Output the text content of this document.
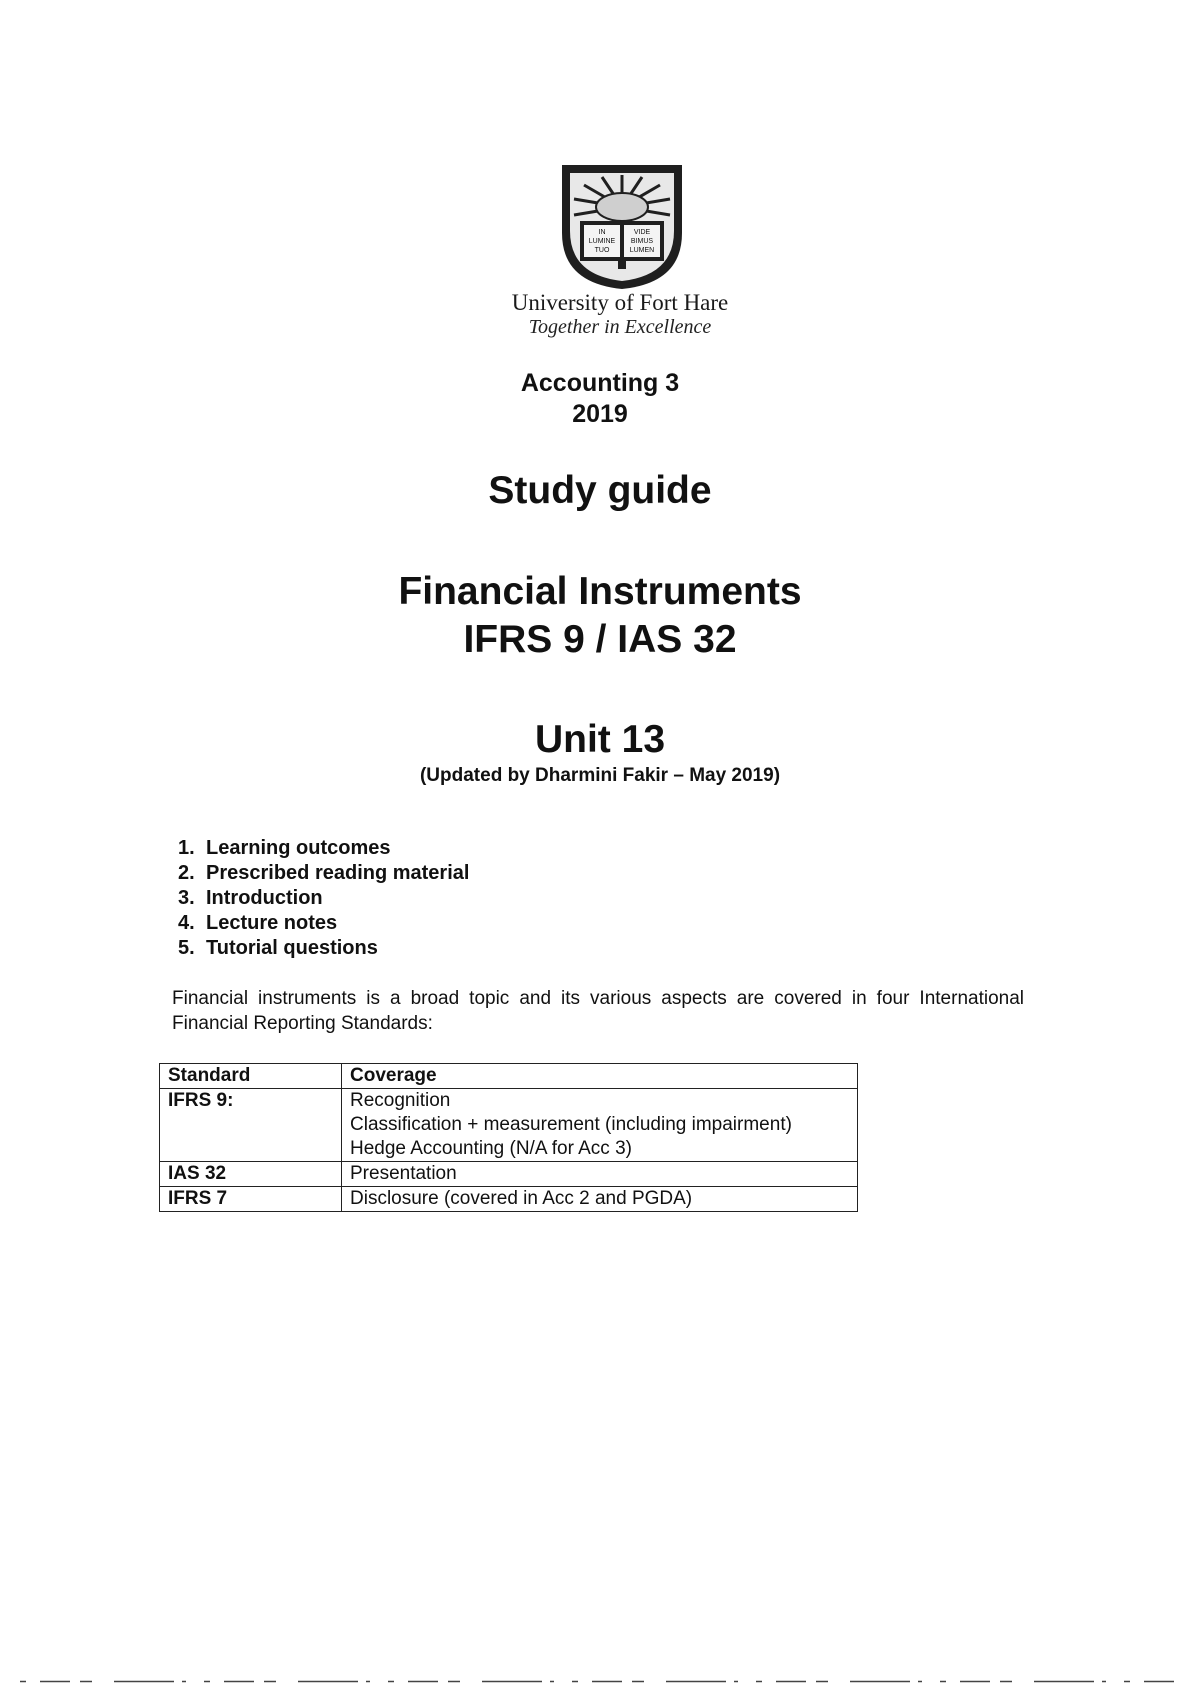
IN
LUMINE
TUO
VIDE
BIMUS
LUMEN
University of Fort Hare
Together in Excellence
Accounting 3
2019
Study guide
Financial Instruments
IFRS 9 / IAS 32
Unit 13
(Updated by Dharmini Fakir – May 2019)
1. Learning outcomes
2. Prescribed reading material
3. Introduction
4. Lecture notes
5. Tutorial questions
Financial instruments is a broad topic and its various aspects are covered in four International Financial Reporting Standards:
Standard	Coverage
IFRS 9:	Recognition
Classification + measurement (including impairment)
Hedge Accounting (N/A for Acc 3)

IAS 32	Presentation

IFRS 7	Disclosure (covered in Acc 2 and PGDA)
